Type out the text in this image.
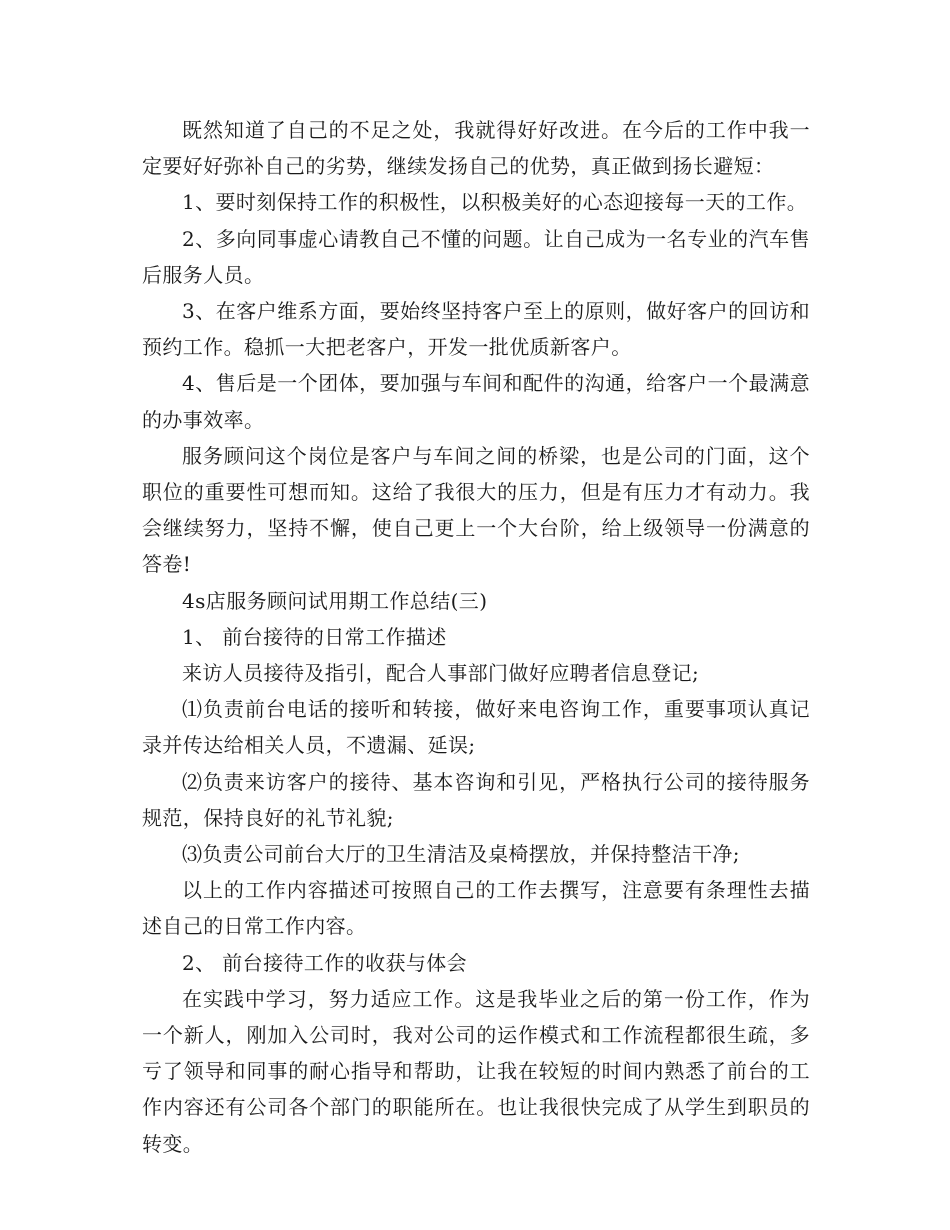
既然知道了自己的不足之处，我就得好好改进。在今后的工作中我一定要好好弥补自己的劣势，继续发扬自己的优势，真正做到扬长避短：

1、要时刻保持工作的积极性，以积极美好的心态迎接每一天的工作。

2、多向同事虚心请教自己不懂的问题。让自己成为一名专业的汽车售后服务人员。

3、在客户维系方面，要始终坚持客户至上的原则，做好客户的回访和预约工作。稳抓一大把老客户，开发一批优质新客户。

4、售后是一个团体，要加强与车间和配件的沟通，给客户一个最满意的办事效率。

服务顾问这个岗位是客户与车间之间的桥梁，也是公司的门面，这个职位的重要性可想而知。这给了我很大的压力，但是有压力才有动力。我会继续努力，坚持不懈，使自己更上一个大台阶，给上级领导一份满意的答卷!

4s店服务顾问试用期工作总结(三)

1、 前台接待的日常工作描述

来访人员接待及指引，配合人事部门做好应聘者信息登记;

⑴负责前台电话的接听和转接，做好来电咨询工作，重要事项认真记录并传达给相关人员，不遗漏、延误;

⑵负责来访客户的接待、基本咨询和引见，严格执行公司的接待服务规范，保持良好的礼节礼貌;

⑶负责公司前台大厅的卫生清洁及桌椅摆放，并保持整洁干净;

以上的工作内容描述可按照自己的工作去撰写，注意要有条理性去描述自己的日常工作内容。

2、 前台接待工作的收获与体会

在实践中学习，努力适应工作。这是我毕业之后的第一份工作，作为一个新人，刚加入公司时，我对公司的运作模式和工作流程都很生疏，多亏了领导和同事的耐心指导和帮助，让我在较短的时间内熟悉了前台的工作内容还有公司各个部门的职能所在。也让我很快完成了从学生到职员的转变。
